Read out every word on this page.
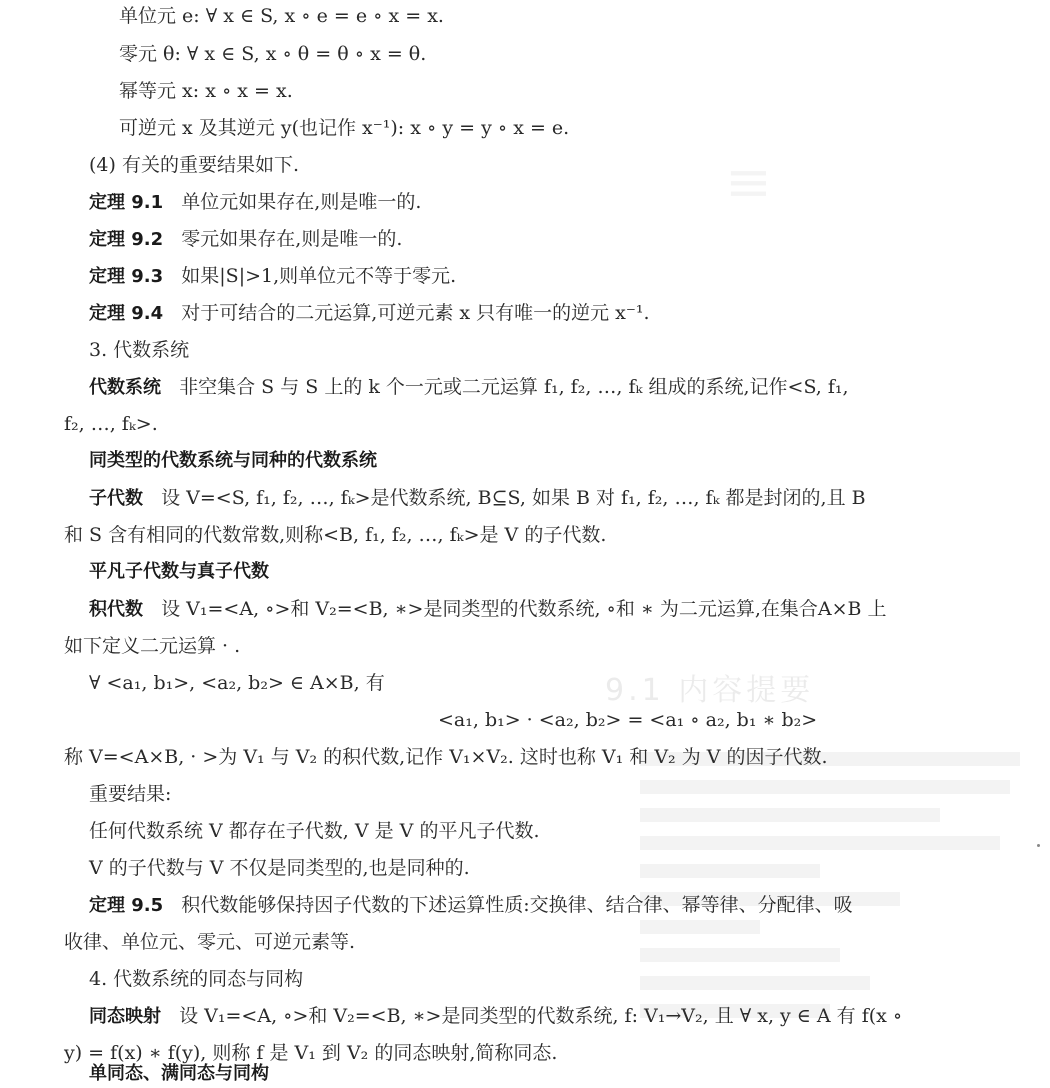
≡
9.1 内容提要
单位元 e: ∀ x ∈ S, x ∘ e = e ∘ x = x.
零元 θ: ∀ x ∈ S, x ∘ θ = θ ∘ x = θ.
幂等元 x: x ∘ x = x.
可逆元 x 及其逆元 y(也记作 x⁻¹): x ∘ y = y ∘ x = e.
(4) 有关的重要结果如下.
定理 9.1 单位元如果存在,则是唯一的.
定理 9.2 零元如果存在,则是唯一的.
定理 9.3 如果|S|>1,则单位元不等于零元.
定理 9.4 对于可结合的二元运算,可逆元素 x 只有唯一的逆元 x⁻¹.
3. 代数系统
代数系统 非空集合 S 与 S 上的 k 个一元或二元运算 f₁, f₂, …, fₖ 组成的系统,记作<S, f₁,
f₂, …, fₖ>.
同类型的代数系统与同种的代数系统
子代数 设 V=<S, f₁, f₂, …, fₖ>是代数系统, B⊆S, 如果 B 对 f₁, f₂, …, fₖ 都是封闭的,且 B
和 S 含有相同的代数常数,则称<B, f₁, f₂, …, fₖ>是 V 的子代数.
平凡子代数与真子代数
积代数 设 V₁=<A, ∘>和 V₂=<B, ∗>是同类型的代数系统, ∘和 ∗ 为二元运算,在集合A×B 上
如下定义二元运算 · .
∀ <a₁, b₁>, <a₂, b₂> ∈ A×B, 有
<a₁, b₁> · <a₂, b₂> = <a₁ ∘ a₂, b₁ ∗ b₂>
称 V=<A×B, · >为 V₁ 与 V₂ 的积代数,记作 V₁×V₂. 这时也称 V₁ 和 V₂ 为 V 的因子代数.
重要结果:
任何代数系统 V 都存在子代数, V 是 V 的平凡子代数.
V 的子代数与 V 不仅是同类型的,也是同种的.
定理 9.5 积代数能够保持因子代数的下述运算性质:交换律、结合律、幂等律、分配律、吸
收律、单位元、零元、可逆元素等.
4. 代数系统的同态与同构
同态映射 设 V₁=<A, ∘>和 V₂=<B, ∗>是同类型的代数系统, f: V₁→V₂, 且 ∀ x, y ∈ A 有 f(x ∘
y) = f(x) ∗ f(y), 则称 f 是 V₁ 到 V₂ 的同态映射,简称同态.
单同态、满同态与同构
